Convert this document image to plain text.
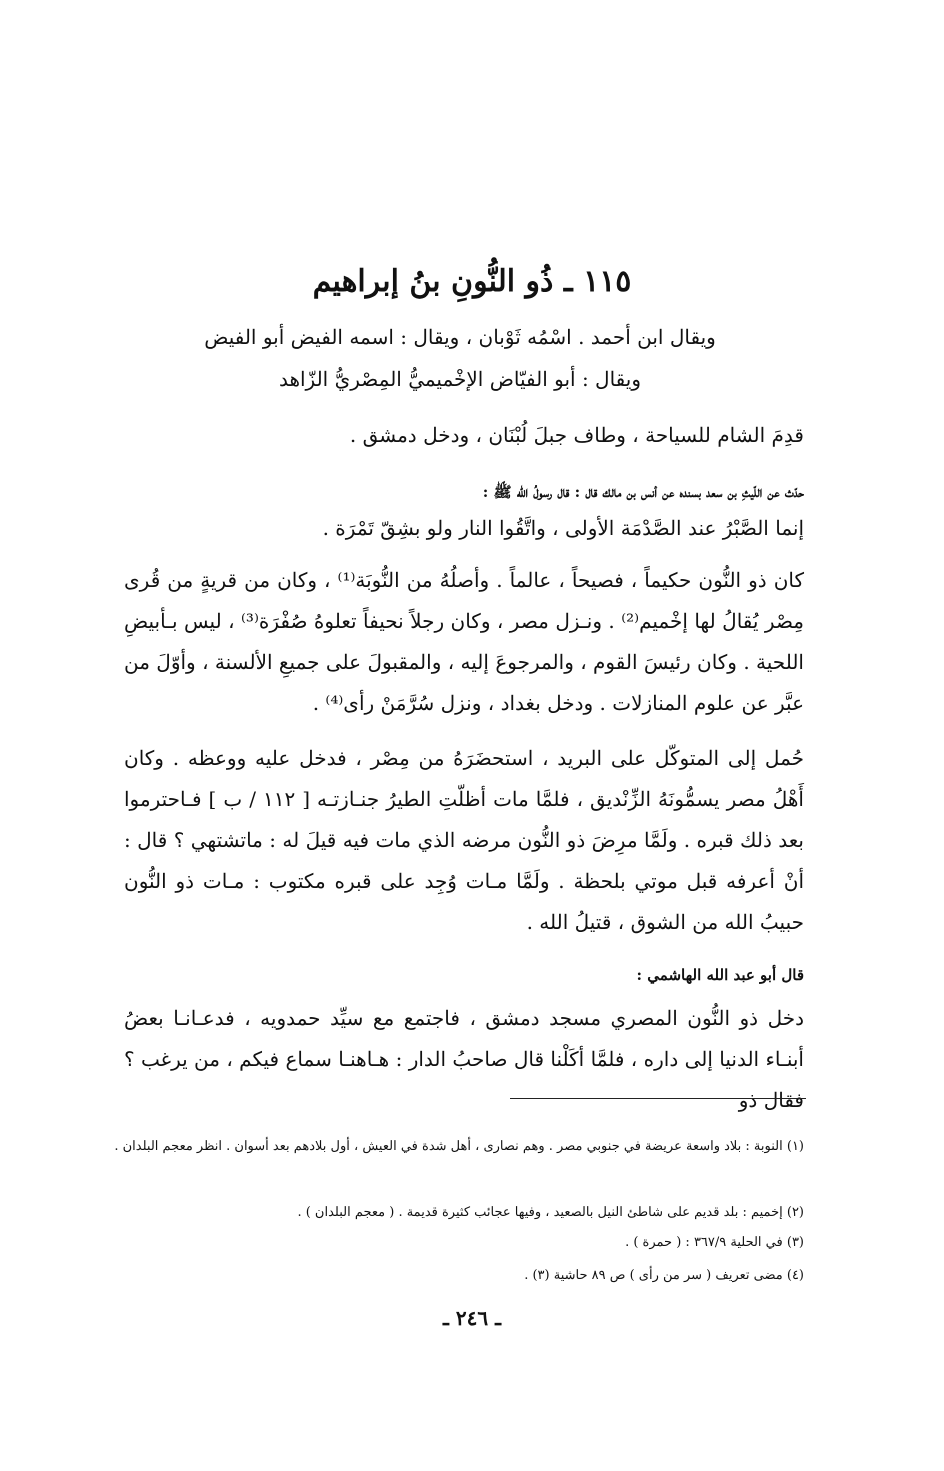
١١٥ ـ ذُو النُّونِ بنُ إبراهيم
ويقال ابن أحمد . اسْمُه ثَوْبان ، ويقال : اسمه الفيض أبو الفيض
ويقال : أبو الفيّاض الإخْميميُّ المِصْريُّ الزّاهد
قدِمَ الشام للسياحة ، وطاف جبلَ لُبْنَان ، ودخل دمشق .
حدّث عن اللّيثِ بن سعد بسنده عن أنس بن مالك قال : قال رسولُ الله ﷺ :
إنما الصَّبْرُ عند الصَّدْمَة الأولى ، واتَّقُوا النار ولو بشِقّ تَمْرَة .
كان ذو النُّون حكيماً ، فصيحاً ، عالماً . وأصلُهُ من النُّوبَة⁽¹⁾ ، وكان من قريةٍ من قُرى مِصْر يُقالُ لها إخْميم⁽²⁾ . ونـزل مصر ، وكان رجلاً نحيفاً تعلوهُ صُفْرَة⁽³⁾ ، ليس بـأبيضِ اللحية . وكان رئيسَ القوم ، والمرجوعَ إليه ، والمقبولَ على جميعِ الألسنة ، وأوّلَ من عبَّر عن علوم المنازلات . ودخل بغداد ، ونزل سُرَّمَنْ رأى⁽⁴⁾ .
حُمل إلى المتوكّل على البريد ، استحضَرَهُ من مِصْر ، فدخل عليه ووعظه . وكان أَهْلُ مصر يسمُّونَهُ الزِّنْديق ، فلمَّا مات أظلّتِ الطيرُ جنـازتـه [ ١١٢ / ب ] فـاحترموا بعد ذلك قبره . ولَمَّا مرِضَ ذو النُّون مرضه الذي مات فيه قيلَ له : ماتشتهي ؟ قال : أنْ أعرفه قبل موتي بلحظة . ولَمَّا مـات وُجِد على قبره مكتوب : مـات ذو النُّون حبيبُ الله من الشوق ، قتيلُ الله .
قال أبو عبد الله الهاشمي :
دخل ذو النُّون المصري مسجد دمشق ، فاجتمع مع سيِّد حمدويه ، فدعـانـا بعضُ أبنـاء الدنيا إلى داره ، فلمَّا أكَلْنا قال صاحبُ الدار : هـاهنـا سماع فيكم ، من يرغب ؟ فقال ذو
(١) النوبة : بلاد واسعة عريضة في جنوبي مصر . وهم نصارى ، أهل شدة في العيش ، أول بلادهم بعد أسوان . انظر معجم البلدان .
(٢) إخميم : بلد قديم على شاطئ النيل بالصعيد ، وفيها عجائب كثيرة قديمة . ( معجم البلدان ) .
(٣) في الحلية ٣٦٧/٩ : ( حمرة ) .
(٤) مضى تعريف ( سر من رأى ) ص ٨٩ حاشية (٣) .
ـ ٢٤٦ ـ
